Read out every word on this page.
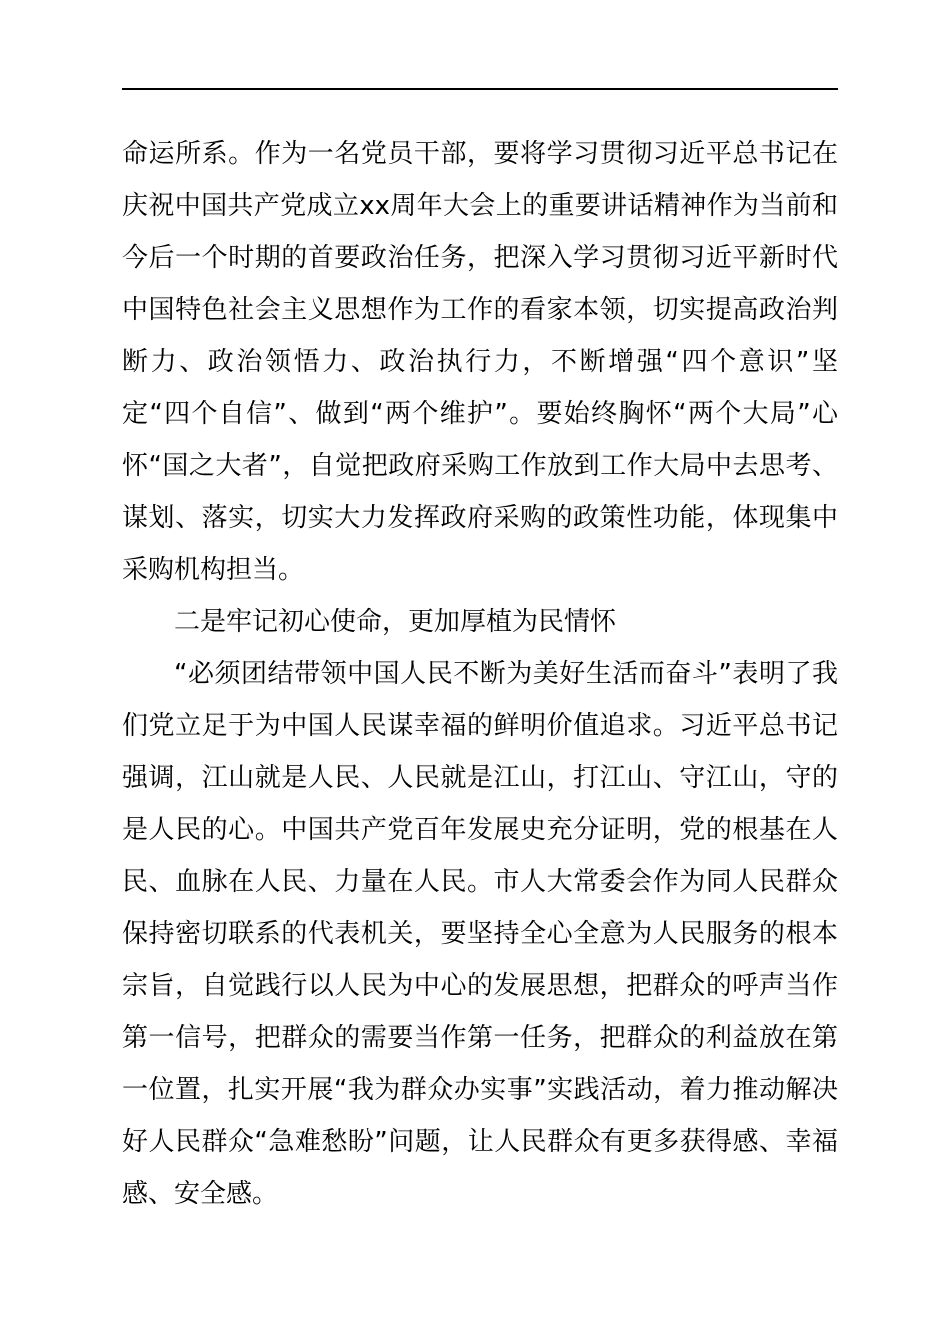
命运所系。作为一名党员干部，要将学习贯彻习近平总书记在庆祝中国共产党成立xx周年大会上的重要讲话精神作为当前和今后一个时期的首要政治任务，把深入学习贯彻习近平新时代中国特色社会主义思想作为工作的看家本领，切实提高政治判断力、政治领悟力、政治执行力，不断增强“四个意识”坚定“四个自信”、做到“两个维护”。要始终胸怀“两个大局”心怀“国之大者”，自觉把政府采购工作放到工作大局中去思考、谋划、落实，切实大力发挥政府采购的政策性功能，体现集中采购机构担当。

二是牢记初心使命，更加厚植为民情怀

“必须团结带领中国人民不断为美好生活而奋斗”表明了我们党立足于为中国人民谋幸福的鲜明价值追求。习近平总书记强调，江山就是人民、人民就是江山，打江山、守江山，守的是人民的心。中国共产党百年发展史充分证明，党的根基在人民、血脉在人民、力量在人民。市人大常委会作为同人民群众保持密切联系的代表机关，要坚持全心全意为人民服务的根本宗旨，自觉践行以人民为中心的发展思想，把群众的呼声当作第一信号，把群众的需要当作第一任务，把群众的利益放在第一位置，扎实开展“我为群众办实事”实践活动，着力推动解决好人民群众“急难愁盼”问题，让人民群众有更多获得感、幸福感、安全感。
